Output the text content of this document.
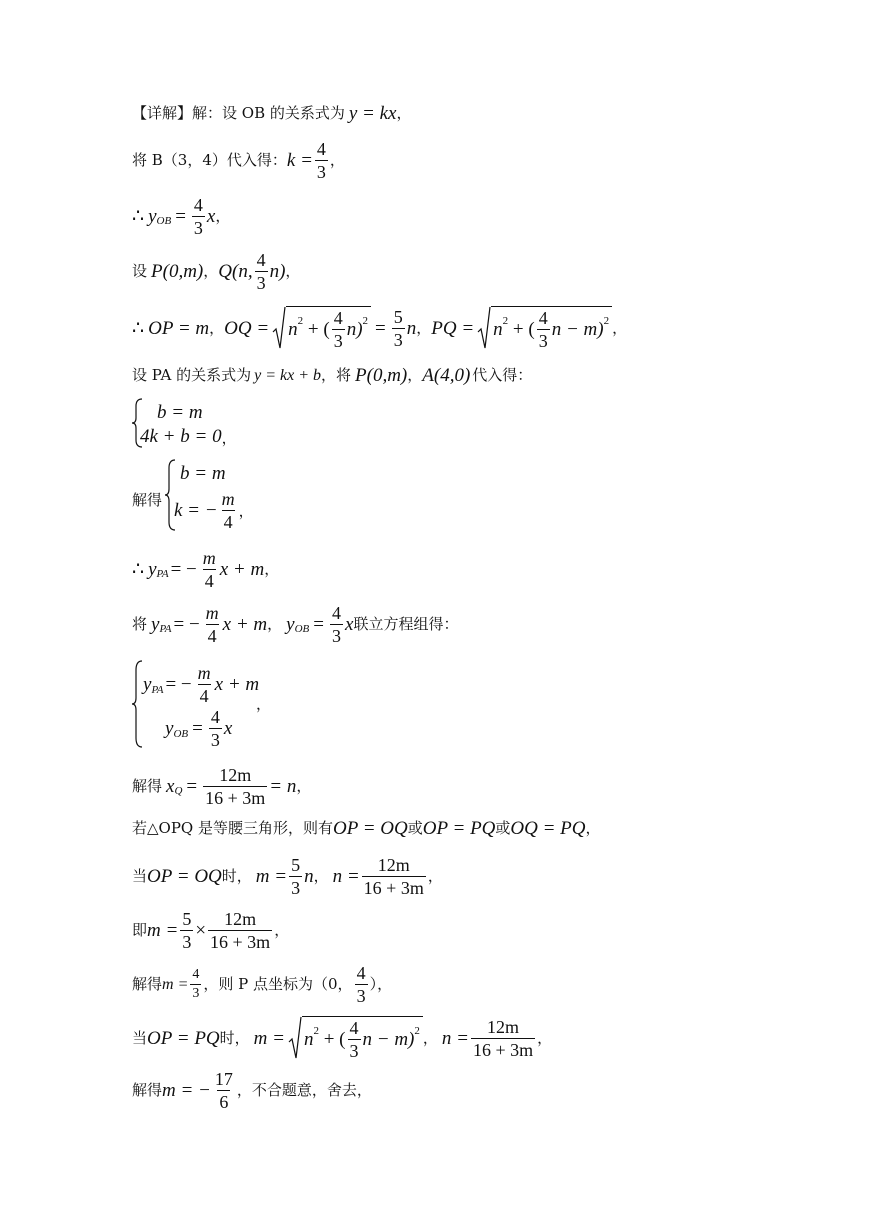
【详解】解：设 OB 的关系式为 y = kx ，
将 B（3，4）代入得： $k = \frac{4}{3}$ ，
∴ y OB = $\frac{4}{3}$ x ，
设 P(0,m) ， Q(n, $\frac{4}{3} n$) ，
∴ OP = m ， OQ = n 2 + ( $\frac{4}{3} n$) $2 = \frac{5}{3}$ n ， PQ = n 2 + ( $\frac{4}{3}$ n − m) 2 ，
设 PA 的关系式为 y = kx + b ，将 P(0,m) ， A(4,0) 代入得：
b = m
4k + b = 0 ，
解得
b = m
k = − $\frac{m}{4}$ ，
∴ y PA = − $\frac{m}{4}$ x + m ，
将 y PA = − $\frac{m}{4}$ x + m ， y OB = $\frac{4}{3}$ x 联立方程组得：
y PA = − $\frac{m}{4}$ x + m
，
y OB = $\frac{4}{3}$ x
解得 x $Q = \frac{12m}{16 + 3m} = n$ ，
若△OPQ 是等腰三角形，则有 OP = OQ 或 OP = PQ 或 OQ = PQ ，
当 OP = OQ 时， $m = \frac{5}{3}$ n ， $n = \frac{12m}{16 + 3m}$ ，
即 $m = \frac{5}{3} \times \frac{12m}{16 + 3m}$ ，
解得 $m = \frac{4}{3}$ ，则 P 点坐标为（0， $\frac{4}{3}$ ），
当 OP = PQ 时， m = n 2 + ( $\frac{4}{3}$ n − m) 2 ， $n = \frac{12m}{16 + 3m}$ ，
解得 m = − $\frac{17}{6}$ ，不合题意，舍去，
